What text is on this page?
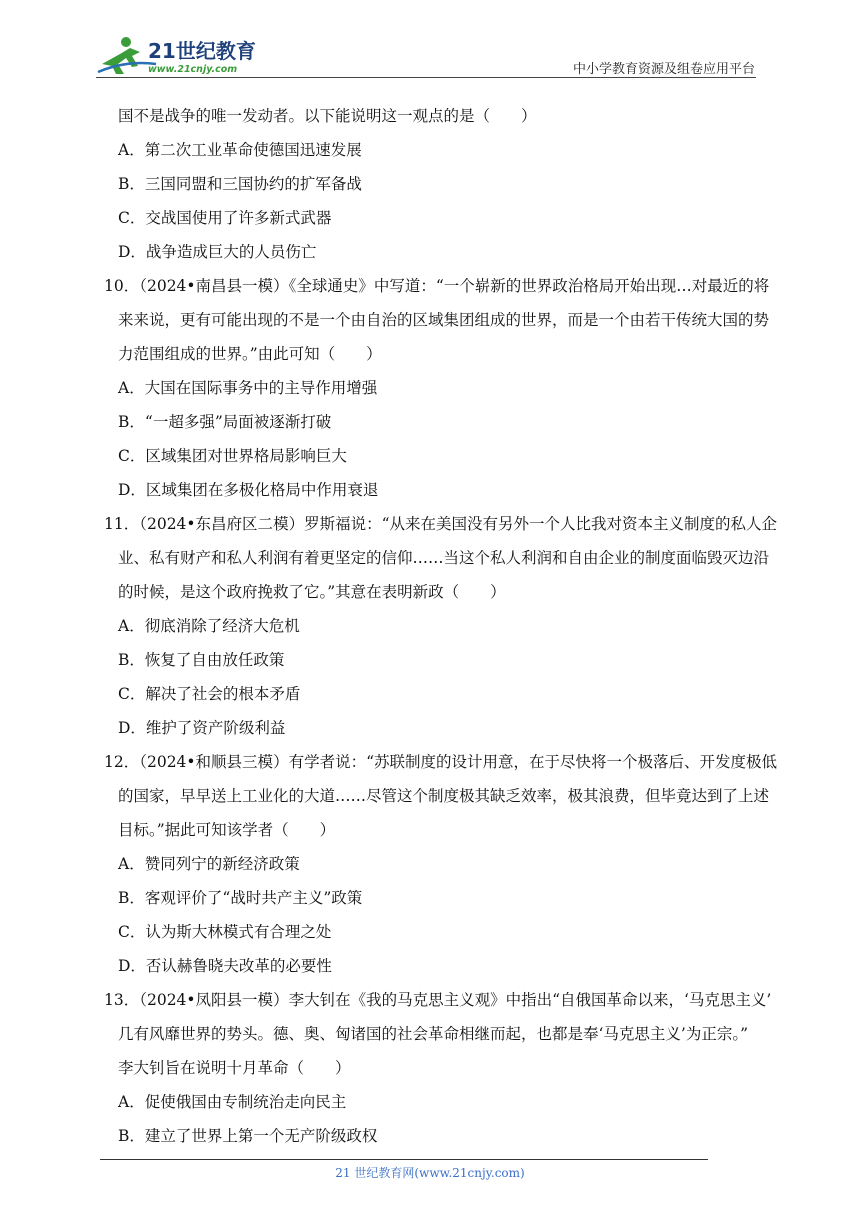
21世纪教育
www.21cnjy.com	中小学教育资源及组卷应用平台
国不是战争的唯一发动者。以下能说明这一观点的是（　　）
A．第二次工业革命使德国迅速发展
B．三国同盟和三国协约的扩军备战
C．交战国使用了许多新式武器
D．战争造成巨大的人员伤亡
10．（2024•南昌县一模）《全球通史》中写道：“一个崭新的世界政治格局开始出现…对最近的将
来来说，更有可能出现的不是一个由自治的区域集团组成的世界，而是一个由若干传统大国的势
力范围组成的世界。”由此可知（　　）
A．大国在国际事务中的主导作用增强
B．“一超多强”局面被逐渐打破
C．区域集团对世界格局影响巨大
D．区域集团在多极化格局中作用衰退
11．（2024•东昌府区二模）罗斯福说：“从来在美国没有另外一个人比我对资本主义制度的私人企
业、私有财产和私人利润有着更坚定的信仰……当这个私人利润和自由企业的制度面临毁灭边沿
的时候，是这个政府挽救了它。”其意在表明新政（　　）
A．彻底消除了经济大危机
B．恢复了自由放任政策
C．解决了社会的根本矛盾
D．维护了资产阶级利益
12．（2024•和顺县三模）有学者说：“苏联制度的设计用意，在于尽快将一个极落后、开发度极低
的国家，早早送上工业化的大道……尽管这个制度极其缺乏效率，极其浪费，但毕竟达到了上述
目标。”据此可知该学者（　　）
A．赞同列宁的新经济政策
B．客观评价了“战时共产主义”政策
C．认为斯大林模式有合理之处
D．否认赫鲁晓夫改革的必要性
13．（2024•凤阳县一模）李大钊在《我的马克思主义观》中指出“自俄国革命以来，‘马克思主义’
几有风靡世界的势头。德、奥、匈诸国的社会革命相继而起，也都是奉‘马克思主义’为正宗。”
李大钊旨在说明十月革命（　　）
A．促使俄国由专制统治走向民主
B．建立了世界上第一个无产阶级政权
21 世纪教育网(www.21cnjy.com)
